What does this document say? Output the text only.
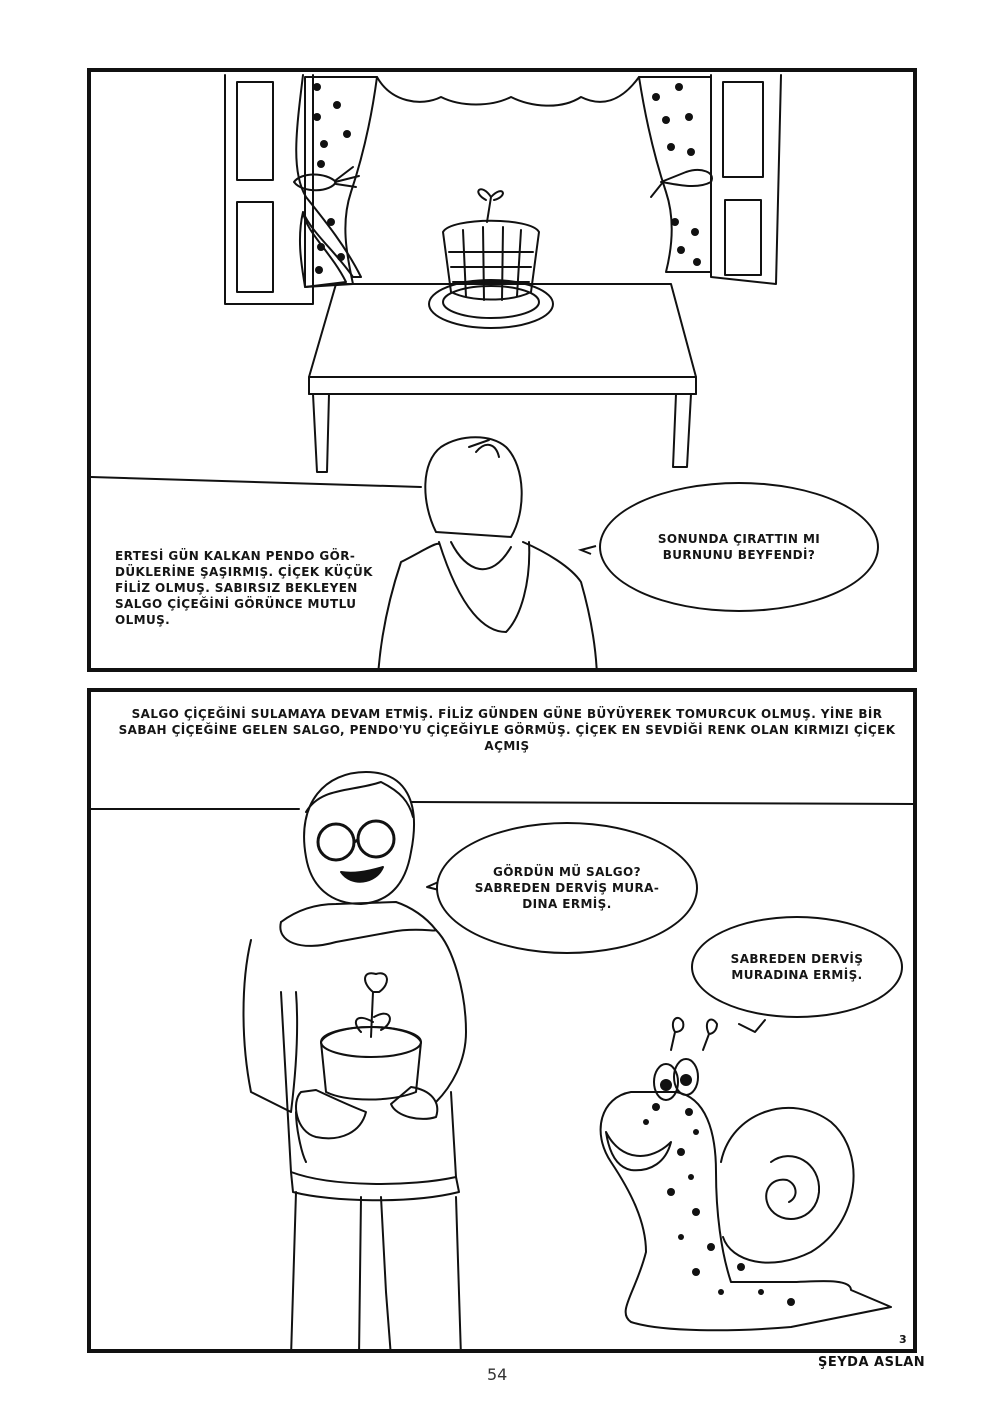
ERTESİ GÜN KALKAN PENDO GÖR-
DÜKLERİNE ŞAŞIRMIŞ. ÇİÇEK KÜÇÜK
FİLİZ OLMUŞ. SABIRSIZ BEKLEYEN
SALGO ÇİÇEĞİNİ GÖRÜNCE MUTLU
OLMUŞ.
SONUNDA ÇIRATTIN MI
BURNUNU BEYFENDİ?
SALGO ÇİÇEĞİNİ SULAMAYA DEVAM ETMİŞ. FİLİZ GÜNDEN GÜNE BÜYÜYEREK TOMURCUK OLMUŞ. YİNE BİR
SABAH ÇİÇEĞİNE GELEN SALGO, PENDO'YU ÇİÇEĞİYLE GÖRMÜŞ. ÇİÇEK EN SEVDİĞİ RENK OLAN KIRMIZI ÇİÇEK
AÇMIŞ
GÖRDÜN MÜ SALGO?
SABREDEN DERVİŞ MURA-
DINA ERMİŞ.
SABREDEN DERVİŞ
MURADINA ERMİŞ.
3
54
ŞEYDA ASLAN
